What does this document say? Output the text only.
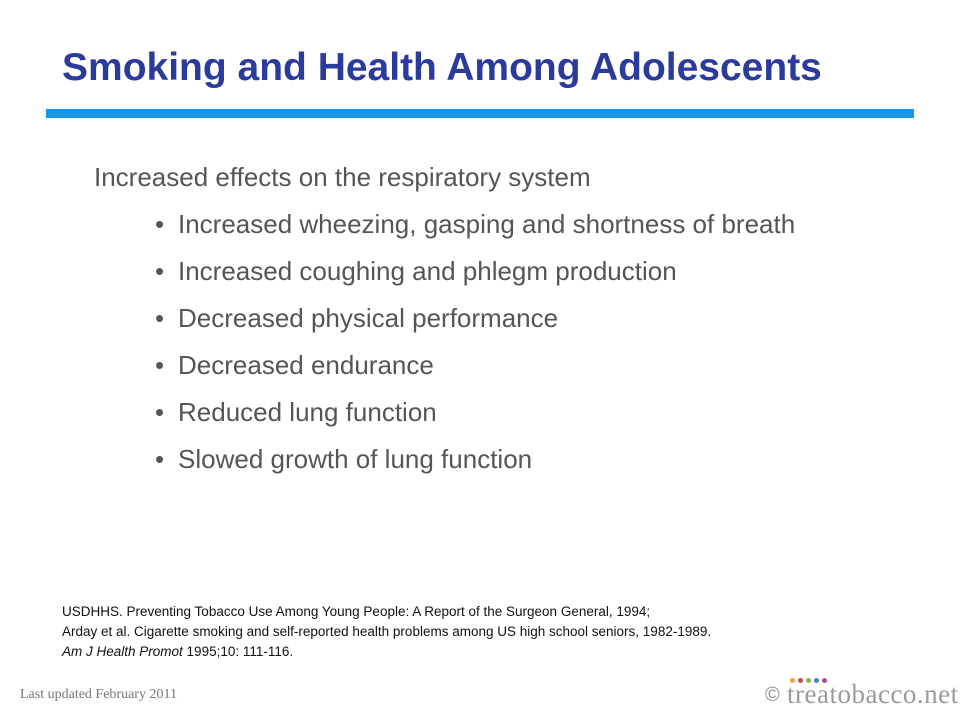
Smoking and Health Among Adolescents
Increased effects on the respiratory system
• Increased wheezing, gasping and shortness of breath
• Increased coughing and phlegm production
• Decreased physical performance
• Decreased endurance
• Reduced lung function
• Slowed growth of lung function
USDHHS. Preventing Tobacco Use Among Young People: A Report of the Surgeon General, 1994;
Arday et al. Cigarette smoking and self-reported health problems among US high school seniors, 1982-1989.
Am J Health Promot 1995;10: 111-116.
Last updated February 2011	© treatobacco.net
